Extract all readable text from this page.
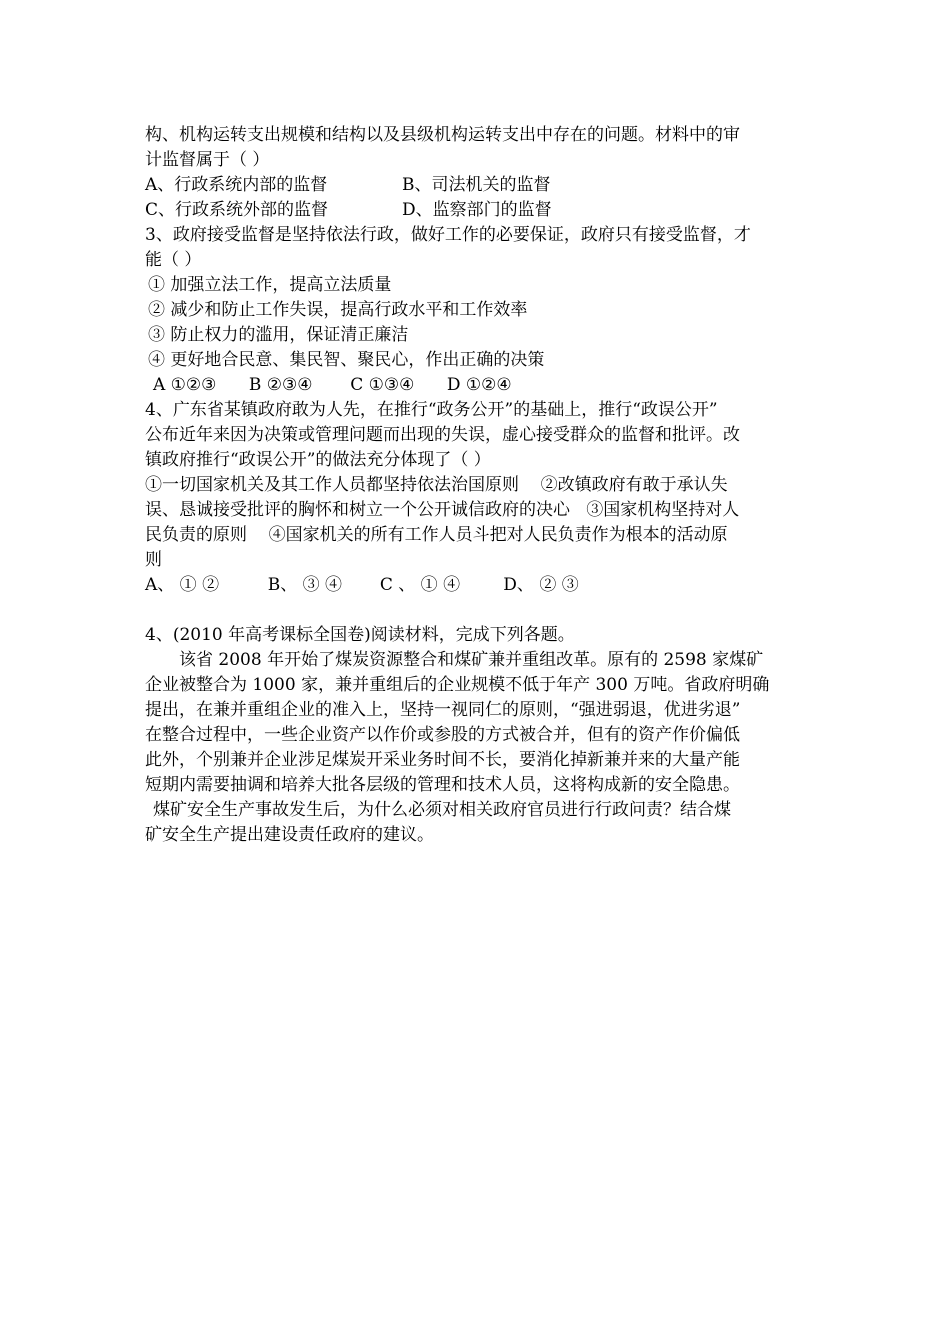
构、机构运转支出规模和结构以及县级机构运转支出中存在的问题。材料中的审
计监督属于（ ）
A、行政系统内部的监督	B、司法机关的监督
C、行政系统外部的监督	D、监察部门的监督
3、政府接受监督是坚持依法行政，做好工作的必要保证，政府只有接受监督，才
能（ ）
① 加强立法工作，提高立法质量
② 减少和防止工作失误，提高行政水平和工作效率
③ 防止权力的滥用，保证清正廉洁
④ 更好地合民意、集民智、聚民心，作出正确的决策
A ①②③      B ②③④       C ①③④      D ①②④
4、广东省某镇政府敢为人先，在推行“政务公开”的基础上，推行“政误公开”
公布近年来因为决策或管理问题而出现的失误，虚心接受群众的监督和批评。改
镇政府推行“政误公开”的做法充分体现了（ ）
①一切国家机关及其工作人员都坚持依法治国原则    ②改镇政府有敢于承认失
误、恳诚接受批评的胸怀和树立一个公开诚信政府的决心   ③国家机构坚持对人
民负责的原则    ④国家机关的所有工作人员斗把对人民负责作为根本的活动原
则
A、 ① ②         B、 ③ ④       C 、 ① ④        D、 ② ③
4、(2010 年高考课标全国卷)阅读材料，完成下列各题。
该省 2008 年开始了煤炭资源整合和煤矿兼并重组改革。原有的 2598 家煤矿
企业被整合为 1000 家，兼并重组后的企业规模不低于年产 300 万吨。省政府明确
提出，在兼并重组企业的准入上，坚持一视同仁的原则，“强进弱退，优进劣退”
在整合过程中，一些企业资产以作价或参股的方式被合并，但有的资产作价偏低
此外，个别兼并企业涉足煤炭开采业务时间不长，要消化掉新兼并来的大量产能
短期内需要抽调和培养大批各层级的管理和技术人员，这将构成新的安全隐患。
煤矿安全生产事故发生后，为什么必须对相关政府官员进行行政问责？结合煤
矿安全生产提出建设责任政府的建议。
